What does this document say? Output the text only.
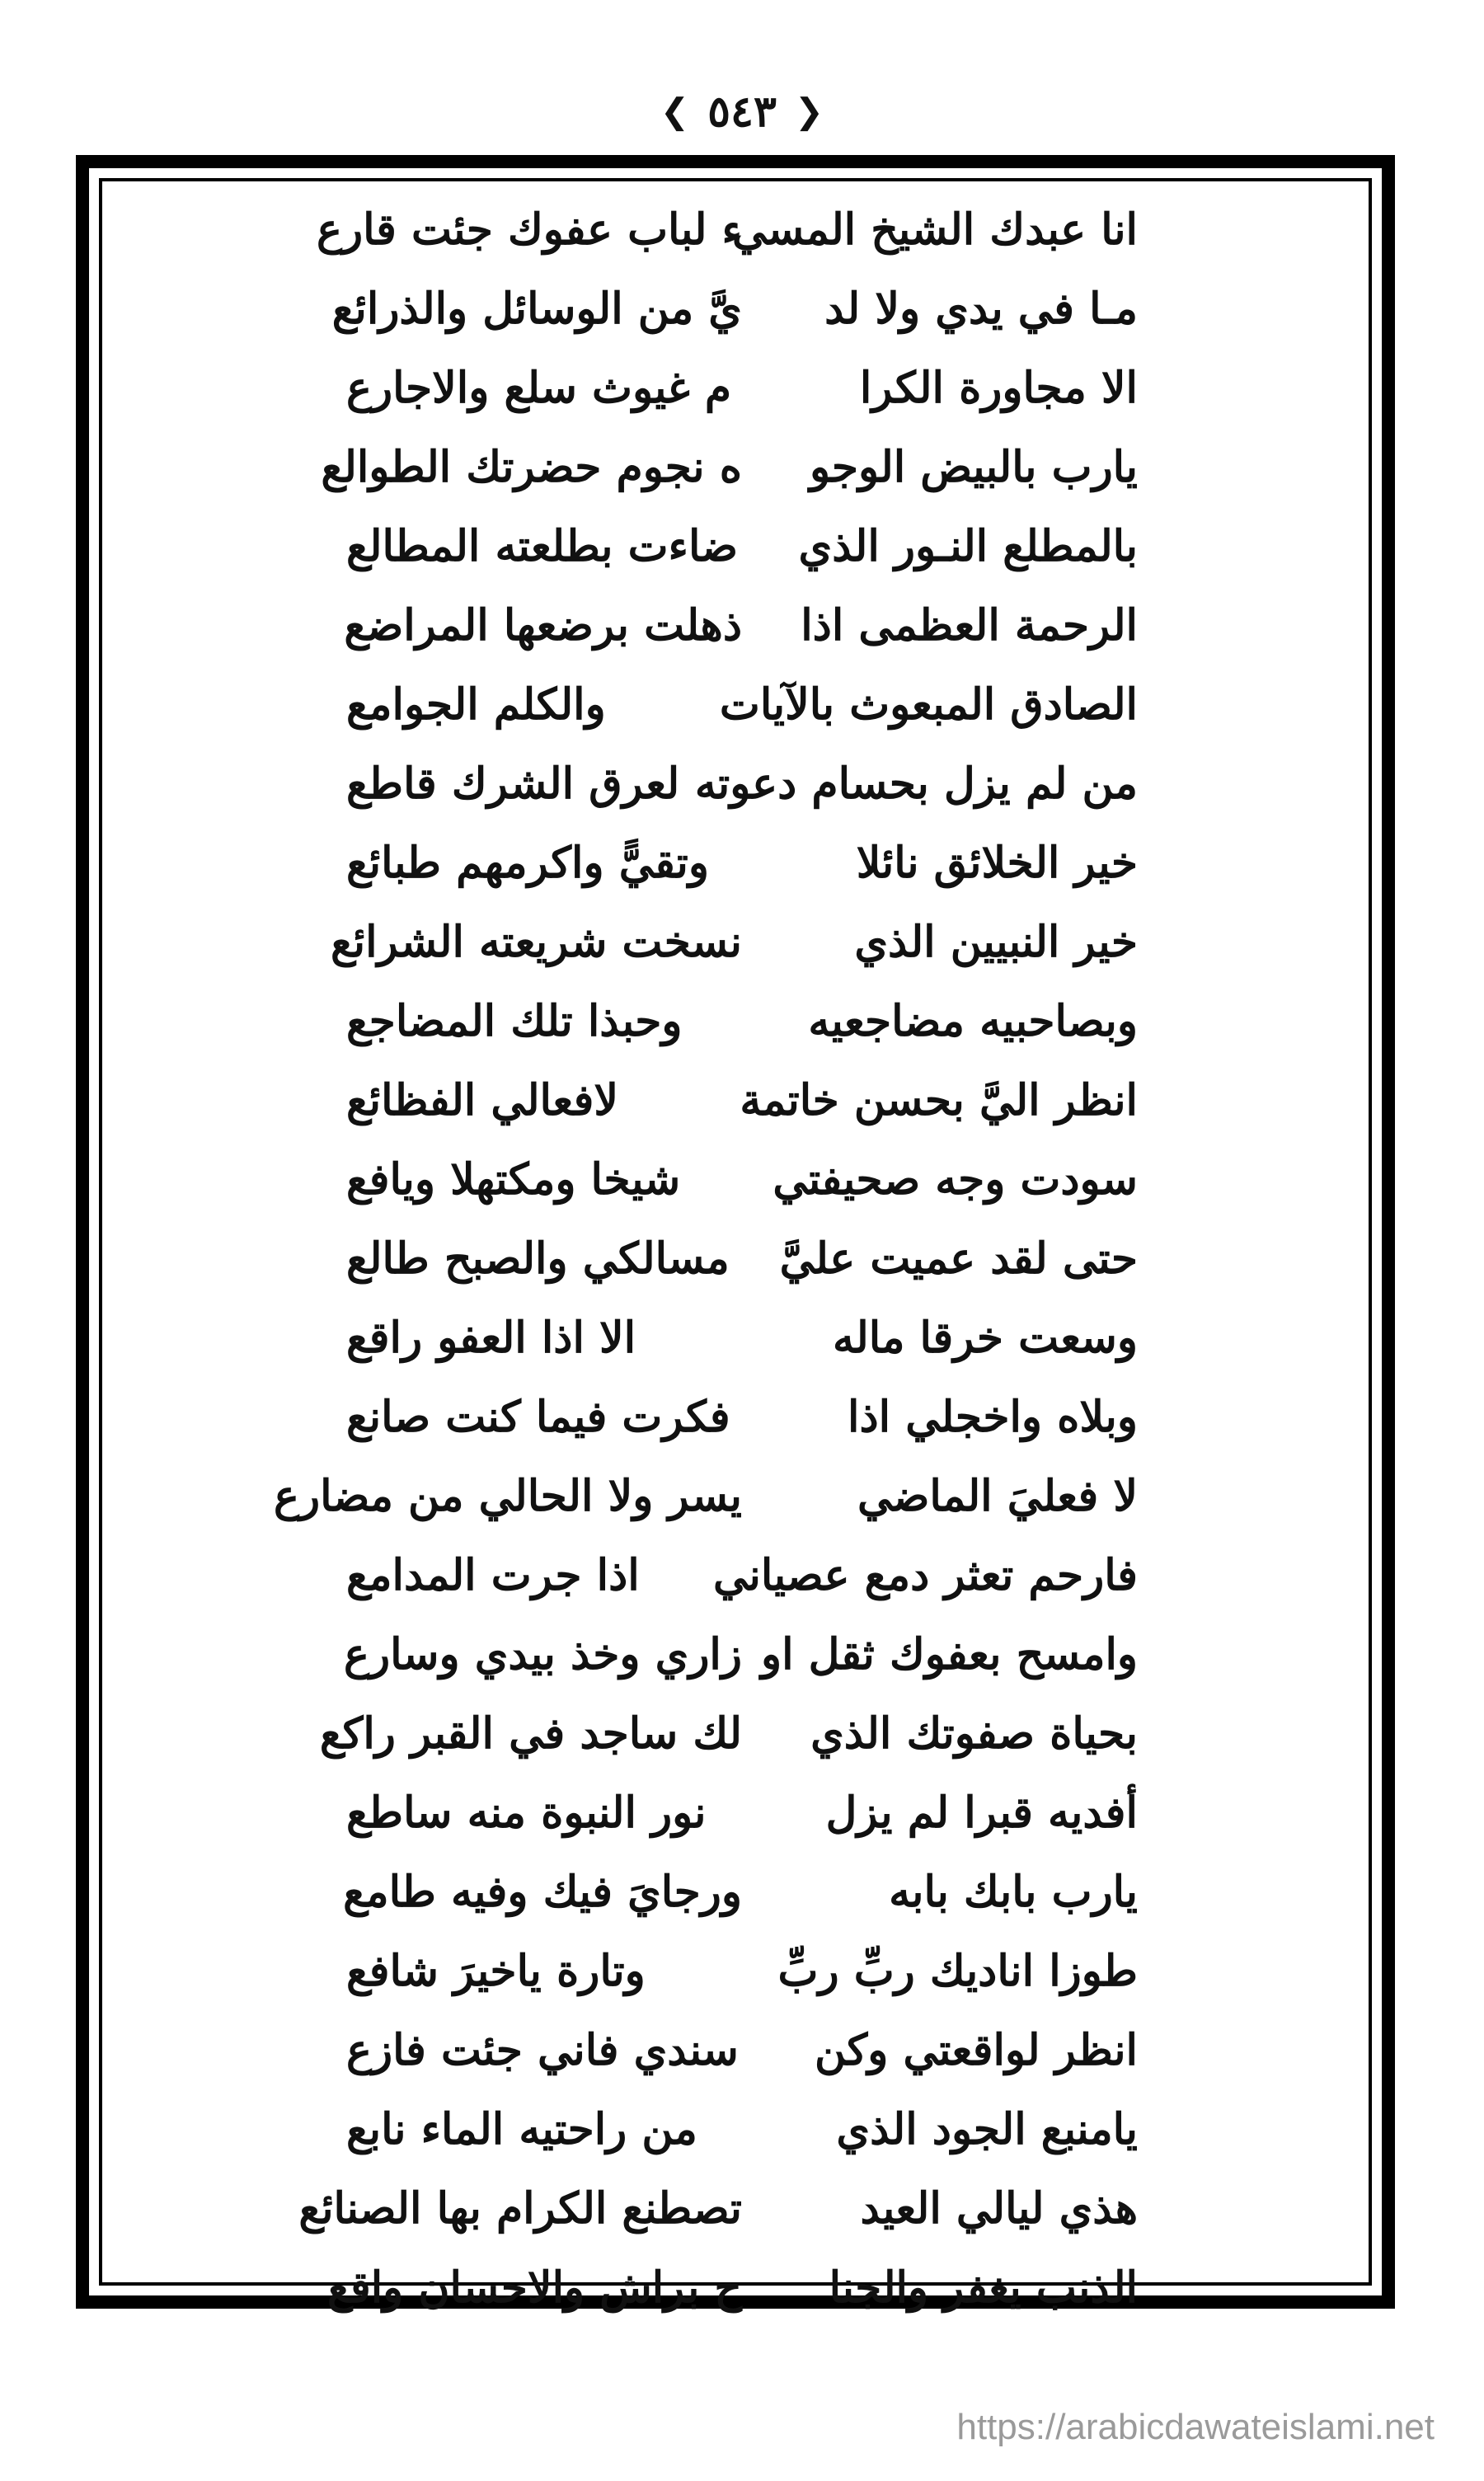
❮ ٥٤٣ ❯
انا عبدك الشيخ المسي
ء لباب عفوك جئت قارع
مـا في يدي ولا لد
يَّ من الوسائل والذرائع
الا مجاورة الكرا
م غيوث سلع والاجارع
يارب بالبيض الوجو
ه نجوم حضرتك الطوالع
بالمطلع النـور الذي
ضاءت بطلعته المطالع
الرحمة العظمى اذا
ذهلت برضعها المراضع
الصادق المبعوث بالآيات
والكلم الجوامع
من لم يزل بحسام دعوته
لعرق الشرك قاطع
خير الخلائق نائلا
وتقيًّ واكرمهم طبائع
خير النبيين الذي
نسخت شريعته الشرائع
وبصاحبيه مضاجعيه
وحبذا تلك المضاجع
انظر اليَّ بحسن خاتمة
لافعالي الفظائع
سودت وجه صحيفتي
شيخا ومكتهلا ويافع
حتى لقد عميت عليَّ
مسالكي والصبح طالع
وسعت خرقا ماله
الا اذا العفو راقع
وبلاه واخجلي اذا
فكرت فيما كنت صانع
لا فعليَ الماضي
يسر ولا الحالي من مضارع
فارحم تعثر دمع عصياني
اذا جرت المدامع
وامسح بعفوك ثقل او
زاري وخذ بيدي وسارع
بحياة صفوتك الذي
لك ساجد في القبر راكع
أفديه قبرا لم يزل
نور النبوة منه ساطع
يارب بابك بابه
ورجايَ فيك وفيه طامع
طوزا اناديك ربِّ ربِّ
وتارة ياخيرَ شافع
انظر لواقعتي وكن
سندي فاني جئت فازع
يامنبع الجود الذي
من راحتيه الماء نابع
هذي ليالي العيد
تصطنع الكرام بها الصنائع
الذنب يغفر والجنا
ح براش والاحسان واقع
https://arabicdawateislami.net
